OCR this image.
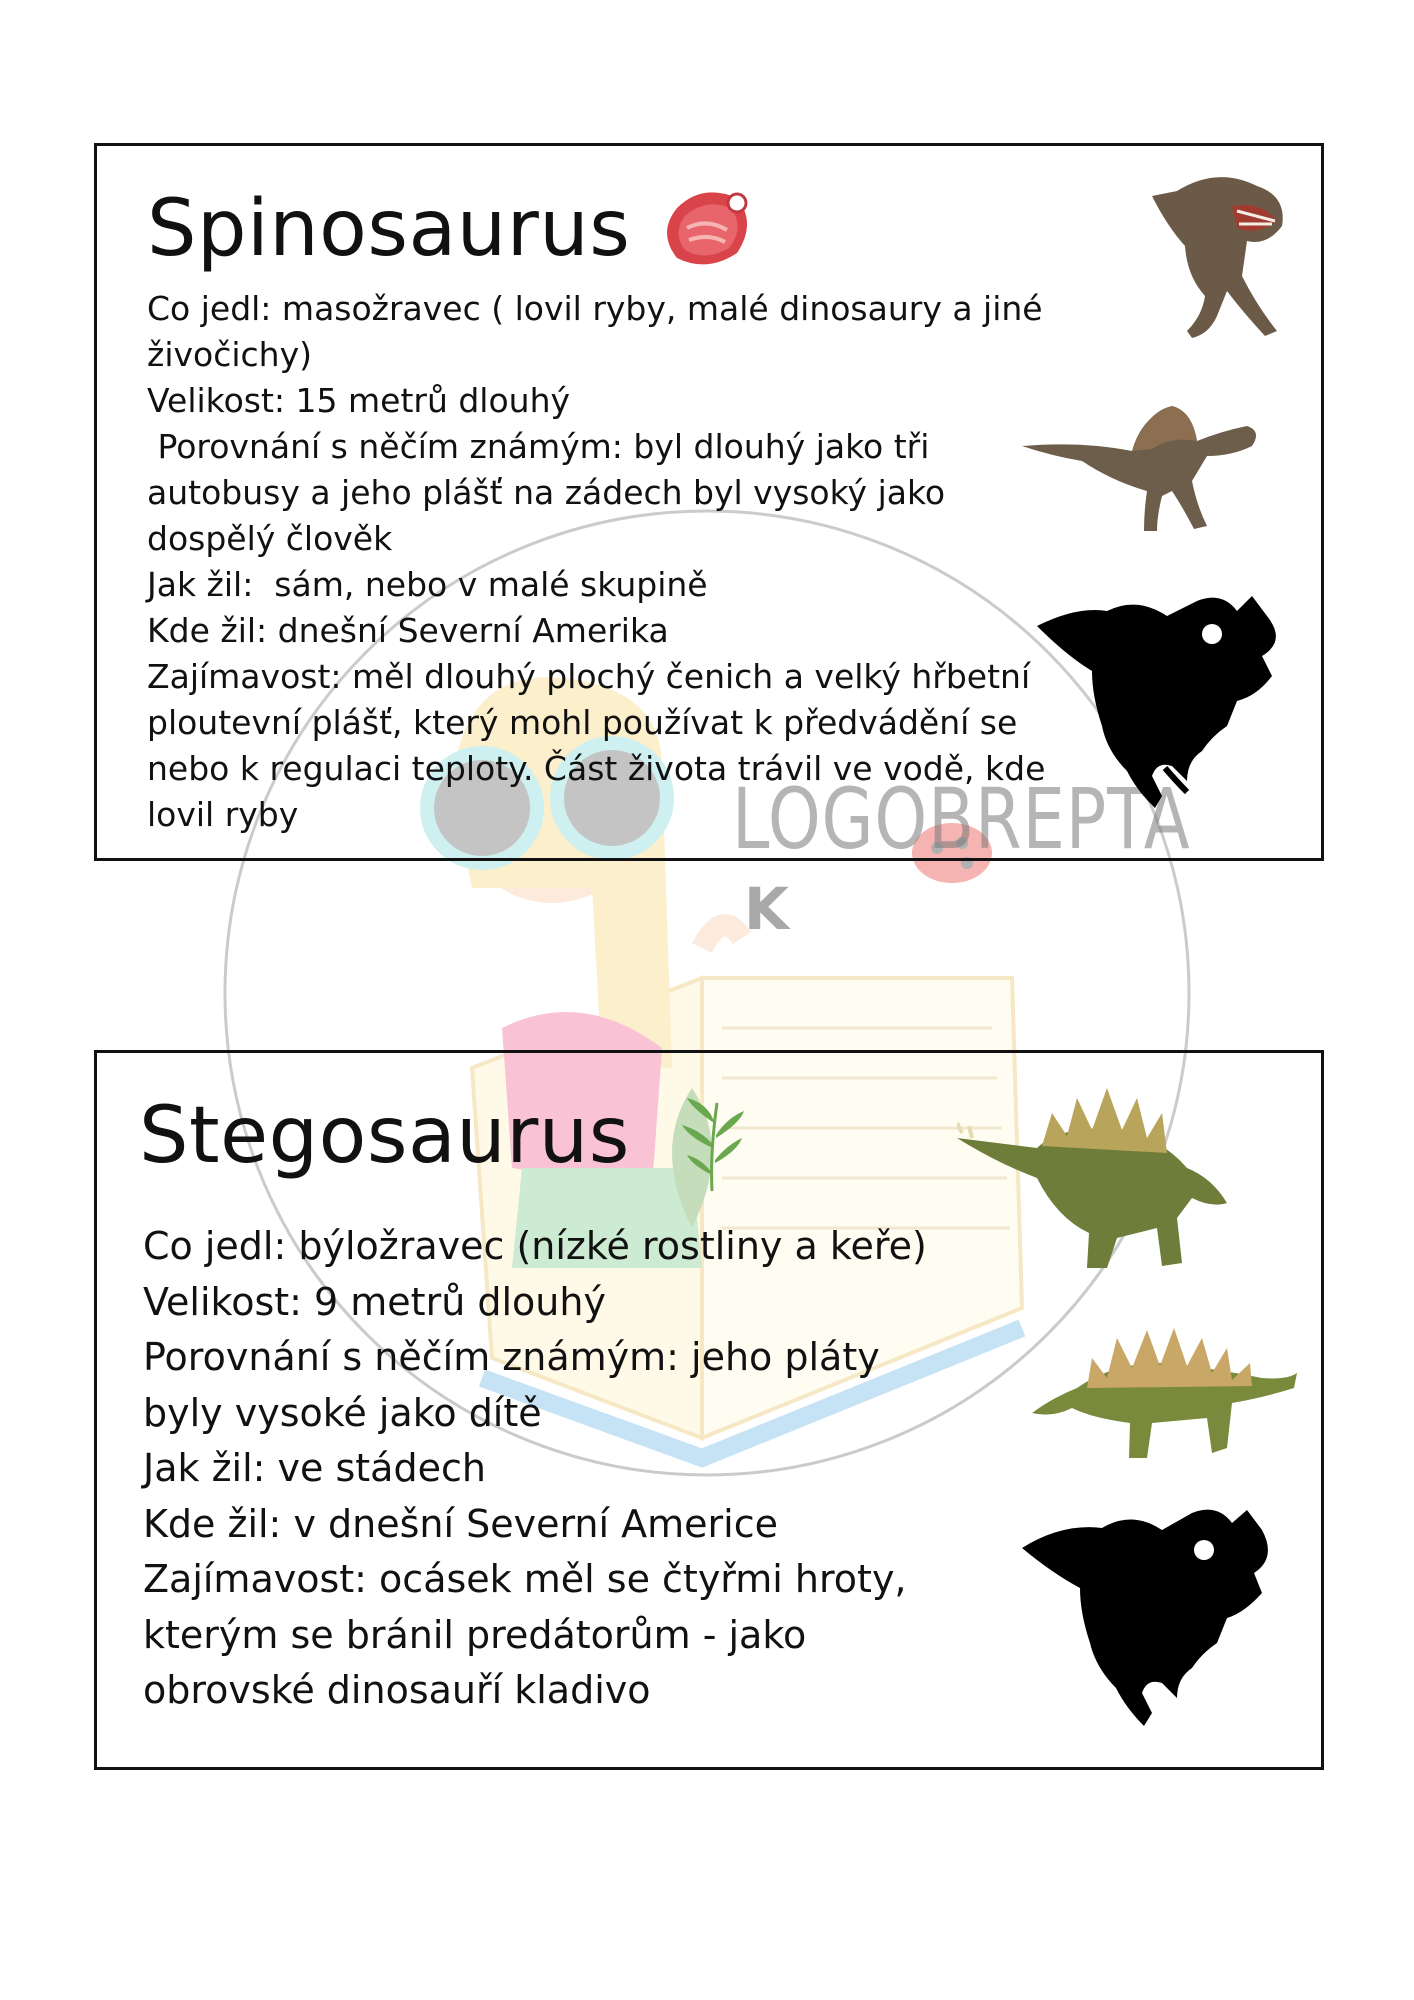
LOGOBREPTA
K
Spinosaurus
Co jedl: masožravec ( lovil ryby, malé dinosaury a jiné
živočichy)
Velikost: 15 metrů dlouhý
Porovnání s něčím známým: byl dlouhý jako tři
autobusy a jeho plášť na zádech byl vysoký jako
dospělý člověk
Jak žil:  sám, nebo v malé skupině
Kde žil: dnešní Severní Amerika
Zajímavost: měl dlouhý plochý čenich a velký hřbetní
ploutevní plášť, který mohl používat k předvádění se
nebo k regulaci teploty. Část života trávil ve vodě, kde
lovil ryby
Stegosaurus
Co jedl: býložravec (nízké rostliny a keře)
Velikost: 9 metrů dlouhý
Porovnání s něčím známým: jeho pláty
byly vysoké jako dítě
Jak žil: ve stádech
Kde žil: v dnešní Severní Americe
Zajímavost: ocásek měl se čtyřmi hroty,
kterým se bránil predátorům - jako
obrovské dinosauří kladivo
